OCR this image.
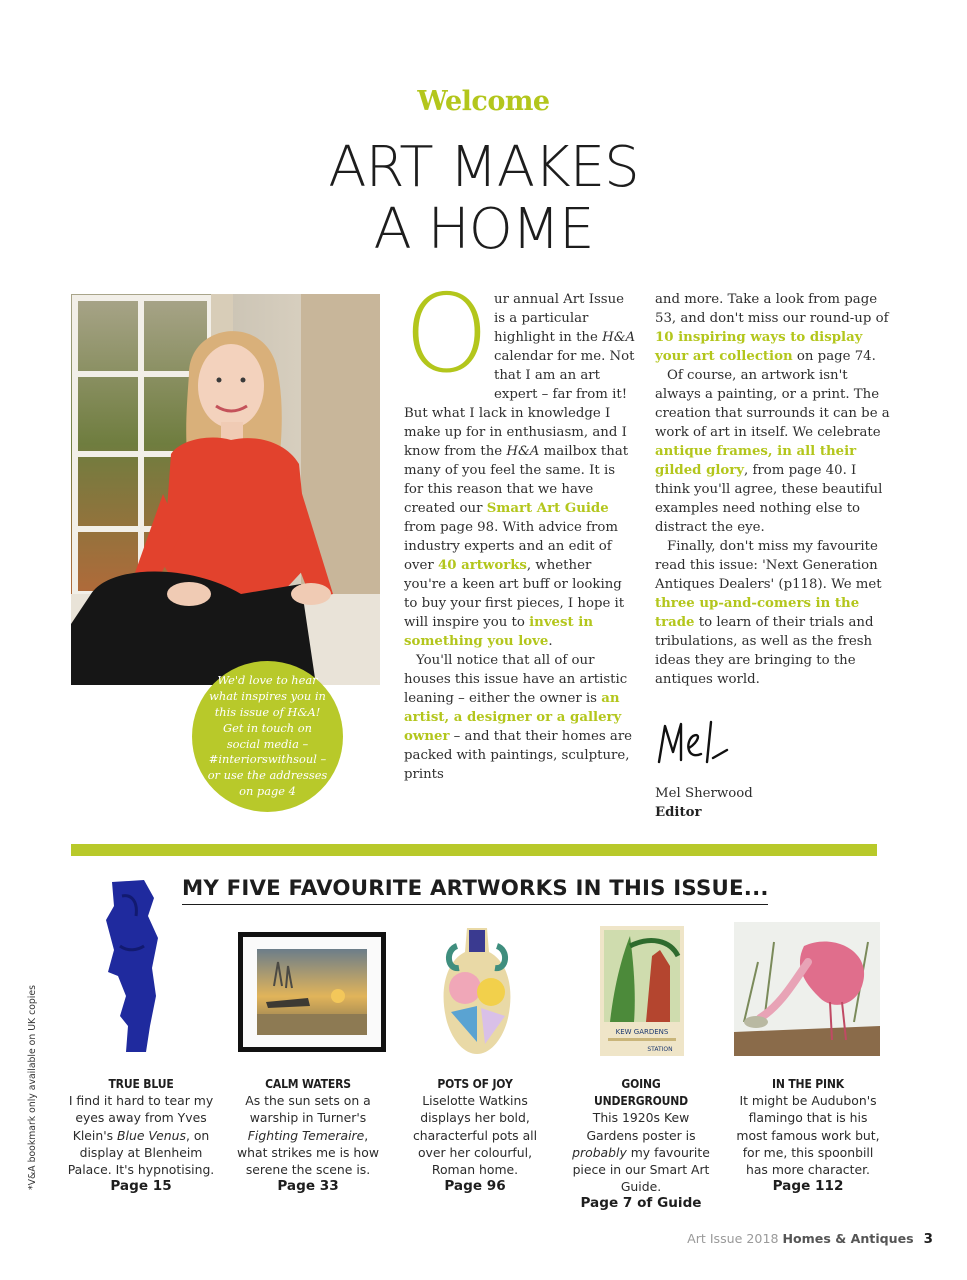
Welcome
ART MAKES
A HOME
We'd love to hear what inspires you in this issue of H&A! Get in touch on social media – #interiorswithsoul – or use the addresses on page 4

Our annual Art Issue is a particular highlight in the H&A calendar for me. Not that I am an art expert – far from it! But what I lack in knowledge I make up for in enthusiasm, and I know from the H&A mailbox that many of you feel the same. It is for this reason that we have created our Smart Art Guide from page 98. With advice from industry experts and an edit of over 40 artworks, whether you're a keen art buff or looking to buy your first pieces, I hope it will inspire you to invest in something you love.

You'll notice that all of our houses this issue have an artistic leaning – either the owner is an artist, a designer or a gallery owner – and that their homes are packed with paintings, sculpture, prints

and more. Take a look from page 53, and don't miss our round-up of 10 inspiring ways to display your art collection on page 74.

Of course, an artwork isn't always a painting, or a print. The creation that surrounds it can be a work of art in itself. We celebrate antique frames, in all their gilded glory, from page 40. I think you'll agree, these beautiful examples need nothing else to distract the eye.

Finally, don't miss my favourite read this issue: 'Next Generation Antiques Dealers' (p118). We met three up-and-comers in the trade to learn of their trials and tribulations, as well as the fresh ideas they are bringing to the antiques world.

Mel Sherwood
Editor
MY FIVE FAVOURITE ARTWORKS IN THIS ISSUE...
KEW GARDENS
STATION
TRUE BLUE
I find it hard to tear my eyes away from Yves Klein's Blue Venus, on display at Blenheim Palace. It's hypnotising.
Page 15
CALM WATERS
As the sun sets on a warship in Turner's Fighting Temeraire, what strikes me is how serene the scene is.
Page 33
POTS OF JOY
Liselotte Watkins displays her bold, characterful pots all over her colourful, Roman home.
Page 96
GOING UNDERGROUND
This 1920s Kew Gardens poster is probably my favourite piece in our Smart Art Guide.
Page 7 of Guide
IN THE PINK
It might be Audubon's flamingo that is his most famous work but, for me, this spoonbill has more character.
Page 112
*V&A bookmark only available on UK copies
Art Issue 2018 Homes & Antiques 3
